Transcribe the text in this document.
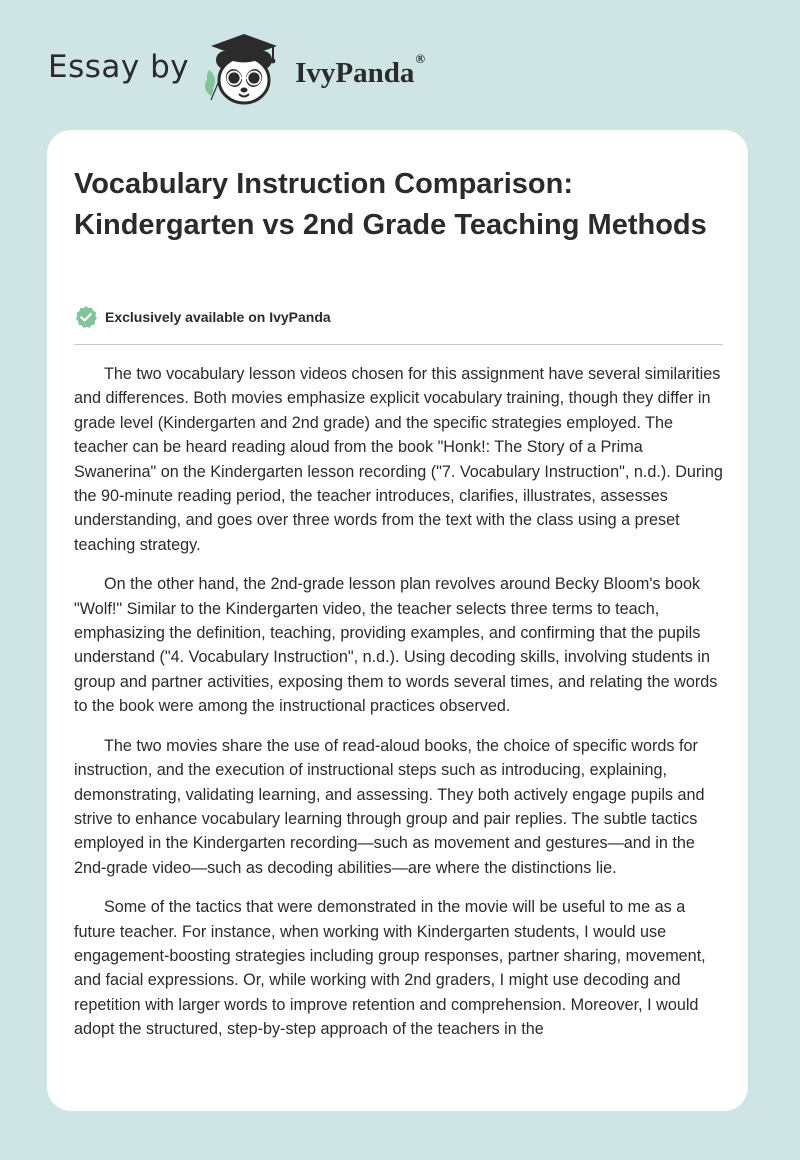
Essay by	IvyPanda®
Vocabulary Instruction Comparison: Kindergarten vs 2nd Grade Teaching Methods
Exclusively available on IvyPanda

The two vocabulary lesson videos chosen for this assignment have several similarities and differences. Both movies emphasize explicit vocabulary training, though they differ in grade level (Kindergarten and 2nd grade) and the specific strategies employed. The teacher can be heard reading aloud from the book "Honk!: The Story of a Prima Swanerina" on the Kindergarten lesson recording ("7. Vocabulary Instruction", n.d.). During the 90-minute reading period, the teacher introduces, clarifies, illustrates, assesses understanding, and goes over three words from the text with the class using a preset teaching strategy.

On the other hand, the 2nd-grade lesson plan revolves around Becky Bloom's book "Wolf!" Similar to the Kindergarten video, the teacher selects three terms to teach, emphasizing the definition, teaching, providing examples, and confirming that the pupils understand ("4. Vocabulary Instruction", n.d.). Using decoding skills, involving students in group and partner activities, exposing them to words several times, and relating the words to the book were among the instructional practices observed.

The two movies share the use of read-aloud books, the choice of specific words for instruction, and the execution of instructional steps such as introducing, explaining, demonstrating, validating learning, and assessing. They both actively engage pupils and strive to enhance vocabulary learning through group and pair replies. The subtle tactics employed in the Kindergarten recording—such as movement and gestures—and in the 2nd-grade video—such as decoding abilities—are where the distinctions lie.

Some of the tactics that were demonstrated in the movie will be useful to me as a future teacher. For instance, when working with Kindergarten students, I would use engagement-boosting strategies including group responses, partner sharing, movement, and facial expressions. Or, while working with 2nd graders, I might use decoding and repetition with larger words to improve retention and comprehension. Moreover, I would adopt the structured, step-by-step approach of the teachers in the
